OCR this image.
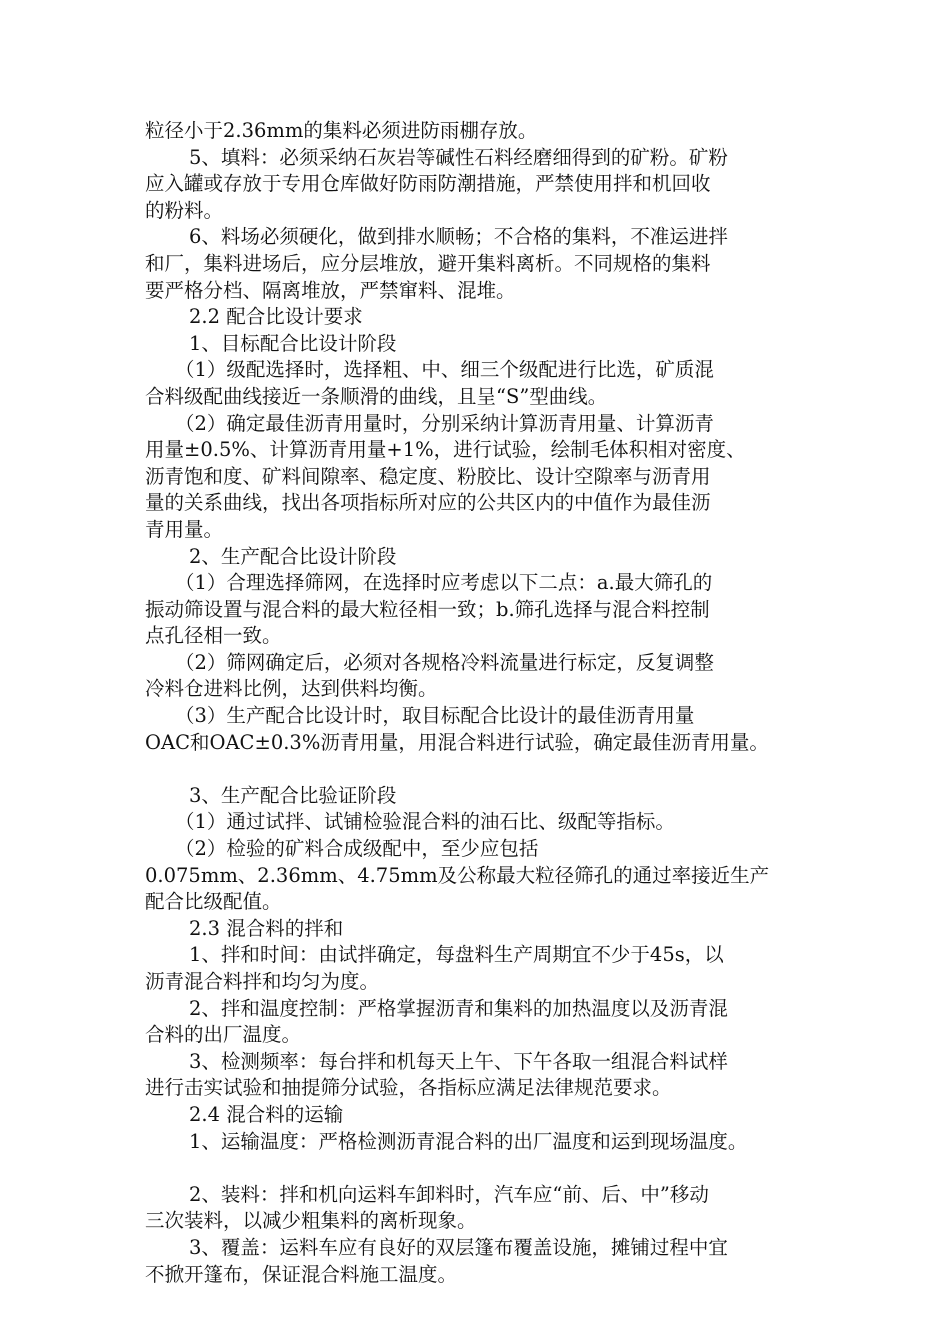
粒径小于2.36mm的集料必须进防雨棚存放。
5、填料：必须采纳石灰岩等碱性石料经磨细得到的矿粉。矿粉
应入罐或存放于专用仓库做好防雨防潮措施，严禁使用拌和机回收
的粉料。
6、料场必须硬化，做到排水顺畅；不合格的集料，不准运进拌
和厂，集料进场后，应分层堆放，避开集料离析。不同规格的集料
要严格分档、隔离堆放，严禁窜料、混堆。
2.2 配合比设计要求
1、目标配合比设计阶段
（1）级配选择时，选择粗、中、细三个级配进行比选，矿质混
合料级配曲线接近一条顺滑的曲线，且呈“S”型曲线。
（2）确定最佳沥青用量时，分别采纳计算沥青用量、计算沥青
用量±0.5%、计算沥青用量+1%，进行试验，绘制毛体积相对密度、
沥青饱和度、矿料间隙率、稳定度、粉胶比、设计空隙率与沥青用
量的关系曲线，找出各项指标所对应的公共区内的中值作为最佳沥
青用量。
2、生产配合比设计阶段
（1）合理选择筛网，在选择时应考虑以下二点：a.最大筛孔的
振动筛设置与混合料的最大粒径相一致；b.筛孔选择与混合料控制
点孔径相一致。
（2）筛网确定后，必须对各规格冷料流量进行标定，反复调整
冷料仓进料比例，达到供料均衡。
（3）生产配合比设计时，取目标配合比设计的最佳沥青用量
OAC和OAC±0.3%沥青用量，用混合料进行试验，确定最佳沥青用量。
3、生产配合比验证阶段
（1）通过试拌、试铺检验混合料的油石比、级配等指标。
（2）检验的矿料合成级配中，至少应包括
0.075mm、2.36mm、4.75mm及公称最大粒径筛孔的通过率接近生产
配合比级配值。
2.3 混合料的拌和
1、拌和时间：由试拌确定，每盘料生产周期宜不少于45s，以
沥青混合料拌和均匀为度。
2、拌和温度控制：严格掌握沥青和集料的加热温度以及沥青混
合料的出厂温度。
3、检测频率：每台拌和机每天上午、下午各取一组混合料试样
进行击实试验和抽提筛分试验，各指标应满足法律规范要求。
2.4 混合料的运输
1、运输温度：严格检测沥青混合料的出厂温度和运到现场温度。
2、装料：拌和机向运料车卸料时，汽车应“前、后、中”移动
三次装料，以减少粗集料的离析现象。
3、覆盖：运料车应有良好的双层篷布覆盖设施，摊铺过程中宜
不掀开篷布，保证混合料施工温度。
